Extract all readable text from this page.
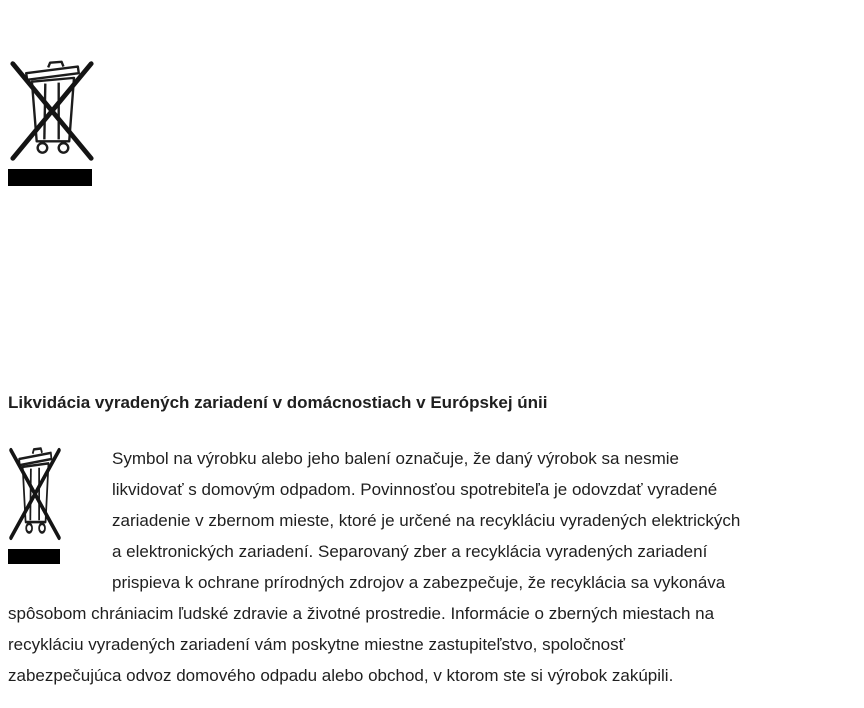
Likvidácia vyradených zariadení v domácnostiach v Európskej únii
Symbol na výrobku alebo jeho balení označuje, že daný výrobok sa nesmie
likvidovať s domovým odpadom. Povinnosťou spotrebiteľa je odovzdať vyradené
zariadenie v zbernom mieste, ktoré je určené na recykláciu vyradených elektrických
a elektronických zariadení. Separovaný zber a recyklácia vyradených zariadení
prispieva k ochrane prírodných zdrojov a zabezpečuje, že recyklácia sa vykonáva
spôsobom chrániacim ľudské zdravie a životné prostredie. Informácie o zberných miestach na
recykláciu vyradených zariadení vám poskytne miestne zastupiteľstvo, spoločnosť
zabezpečujúca odvoz domového odpadu alebo obchod, v ktorom ste si výrobok zakúpili.
